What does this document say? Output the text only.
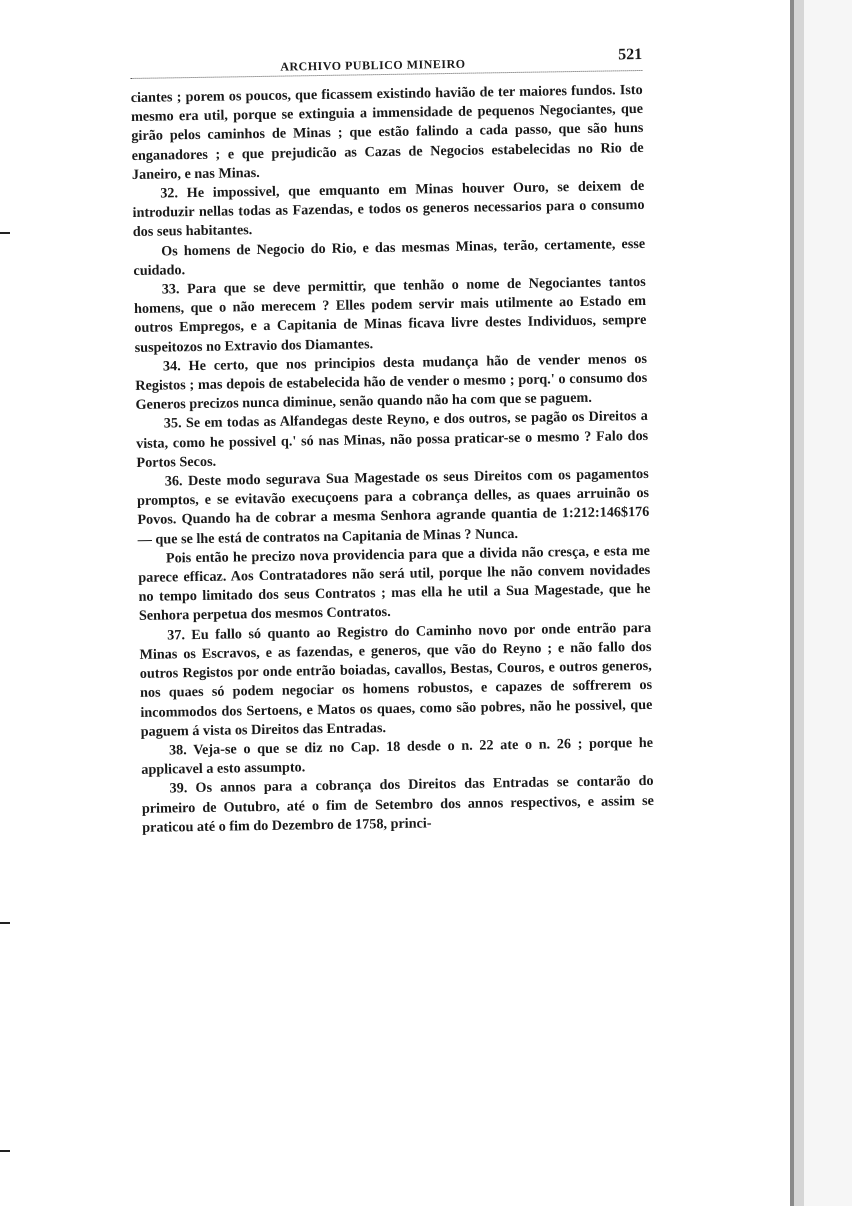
ARCHIVO PUBLICO MINEIRO
521

ciantes ; porem os poucos, que ficassem existindo havião de ter maiores fundos. Isto mesmo era util, porque se extinguia a immensidade de pequenos Negociantes, que girão pelos caminhos de Minas ; que estão falindo a cada passo, que são huns enganadores ; e que prejudicão as Cazas de Negocios estabelecidas no Rio de Janeiro, e nas Minas.

32. He impossivel, que emquanto em Minas houver Ouro, se deixem de introduzir nellas todas as Fazendas, e todos os generos necessarios para o consumo dos seus habitantes.

Os homens de Negocio do Rio, e das mesmas Minas, terão, certamente, esse cuidado.

33. Para que se deve permittir, que tenhão o nome de Negociantes tantos homens, que o não merecem ? Elles podem servir mais utilmente ao Estado em outros Empregos, e a Capitania de Minas ficava livre destes Individuos, sempre suspeitozos no Extravio dos Diamantes.

34. He certo, que nos principios desta mudança hão de vender menos os Registos ; mas depois de estabelecida hão de vender o mesmo ; porq.' o consumo dos Generos precizos nunca diminue, senão quando não ha com que se paguem.

35. Se em todas as Alfandegas deste Reyno, e dos outros, se pagão os Direitos a vista, como he possivel q.' só nas Minas, não possa praticar-se o mesmo ? Falo dos Portos Secos.

36. Deste modo segurava Sua Magestade os seus Direitos com os pagamentos promptos, e se evitavão execuçoens para a cobrança delles, as quaes arruinão os Povos. Quando ha de cobrar a mesma Senhora agrande quantia de 1:212:146$176 — que se lhe está de contratos na Capitania de Minas ? Nunca.

Pois então he precizo nova providencia para que a divida não cresça, e esta me parece efficaz. Aos Contratadores não será util, porque lhe não convem novidades no tempo limitado dos seus Contratos ; mas ella he util a Sua Magestade, que he Senhora perpetua dos mesmos Contratos.

37. Eu fallo só quanto ao Registro do Caminho novo por onde entrão para Minas os Escravos, e as fazendas, e generos, que vão do Reyno ; e não fallo dos outros Registos por onde entrão boiadas, cavallos, Bestas, Couros, e outros generos, nos quaes só podem negociar os homens robustos, e capazes de soffrerem os incommodos dos Sertoens, e Matos os quaes, como são pobres, não he possivel, que paguem á vista os Direitos das Entradas.

38. Veja-se o que se diz no Cap. 18 desde o n. 22 ate o n. 26 ; porque he applicavel a esto assumpto.

39. Os annos para a cobrança dos Direitos das Entradas se contarão do primeiro de Outubro, até o fim de Setembro dos annos respectivos, e assim se praticou até o fim do Dezembro de 1758, princi-
